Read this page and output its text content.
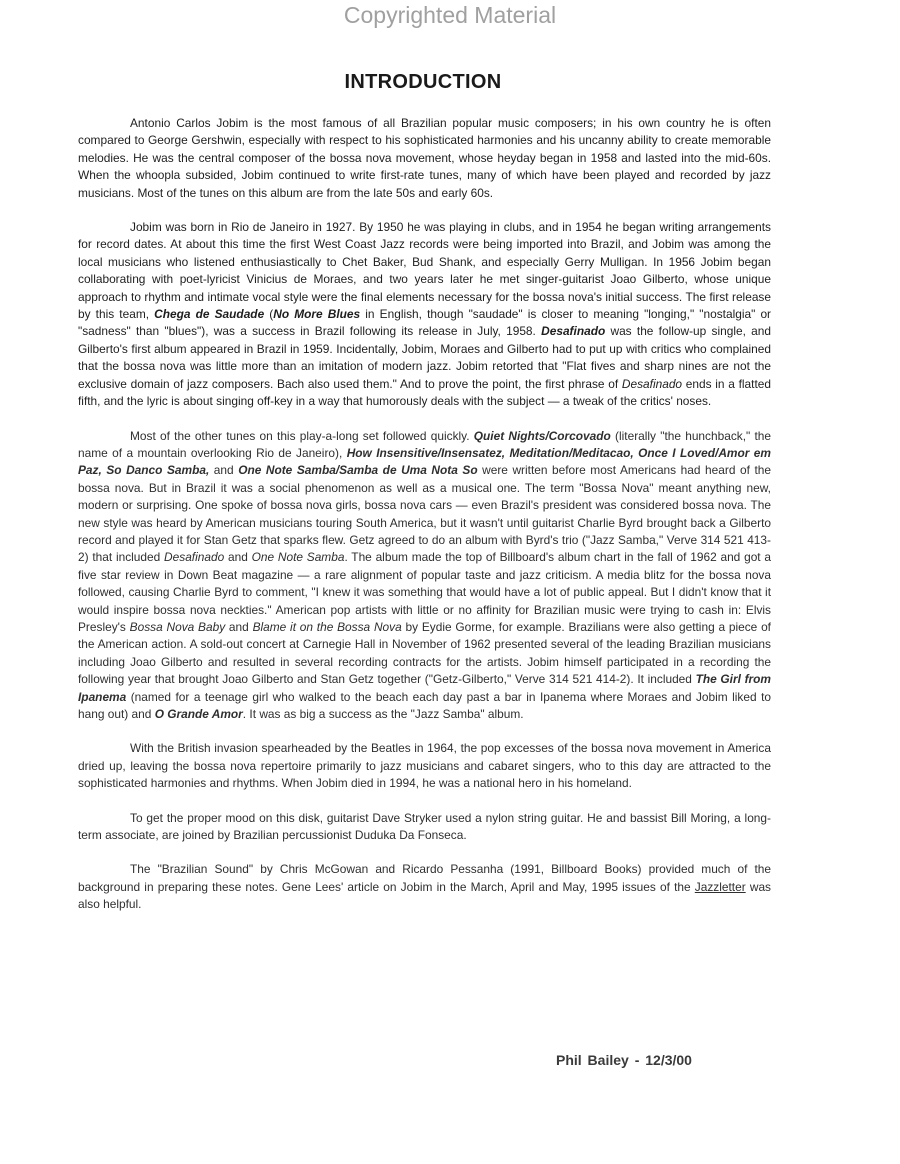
Copyrighted Material
INTRODUCTION

Antonio Carlos Jobim is the most famous of all Brazilian popular music composers; in his own country he is often compared to George Gershwin, especially with respect to his sophisticated harmonies and his uncanny ability to create memorable melodies. He was the central composer of the bossa nova movement, whose heyday began in 1958 and lasted into the mid-60s. When the whoopla subsided, Jobim continued to write first-rate tunes, many of which have been played and recorded by jazz musicians. Most of the tunes on this album are from the late 50s and early 60s.

Jobim was born in Rio de Janeiro in 1927. By 1950 he was playing in clubs, and in 1954 he began writing arrangements for record dates. At about this time the first West Coast Jazz records were being imported into Brazil, and Jobim was among the local musicians who listened enthusiastically to Chet Baker, Bud Shank, and especially Gerry Mulligan. In 1956 Jobim began collaborating with poet-lyricist Vinicius de Moraes, and two years later he met singer-guitarist Joao Gilberto, whose unique approach to rhythm and intimate vocal style were the final elements necessary for the bossa nova's initial success. The first release by this team, Chega de Saudade (No More Blues in English, though "saudade" is closer to meaning "longing," "nostalgia" or "sadness" than "blues"), was a success in Brazil following its release in July, 1958. Desafinado was the follow-up single, and Gilberto's first album appeared in Brazil in 1959. Incidentally, Jobim, Moraes and Gilberto had to put up with critics who complained that the bossa nova was little more than an imitation of modern jazz. Jobim retorted that "Flat fives and sharp nines are not the exclusive domain of jazz composers. Bach also used them." And to prove the point, the first phrase of Desafinado ends in a flatted fifth, and the lyric is about singing off-key in a way that humorously deals with the subject — a tweak of the critics' noses.

Most of the other tunes on this play-a-long set followed quickly. Quiet Nights/Corcovado (literally "the hunchback," the name of a mountain overlooking Rio de Janeiro), How Insensitive/Insensatez, Meditation/Meditacao, Once I Loved/Amor em Paz, So Danco Samba, and One Note Samba/Samba de Uma Nota So were written before most Americans had heard of the bossa nova. But in Brazil it was a social phenomenon as well as a musical one. The term "Bossa Nova" meant anything new, modern or surprising. One spoke of bossa nova girls, bossa nova cars — even Brazil's president was considered bossa nova. The new style was heard by American musicians touring South America, but it wasn't until guitarist Charlie Byrd brought back a Gilberto record and played it for Stan Getz that sparks flew. Getz agreed to do an album with Byrd's trio ("Jazz Samba," Verve 314 521 413-2) that included Desafinado and One Note Samba. The album made the top of Billboard's album chart in the fall of 1962 and got a five star review in Down Beat magazine — a rare alignment of popular taste and jazz criticism. A media blitz for the bossa nova followed, causing Charlie Byrd to comment, "I knew it was something that would have a lot of public appeal. But I didn't know that it would inspire bossa nova neckties." American pop artists with little or no affinity for Brazilian music were trying to cash in: Elvis Presley's Bossa Nova Baby and Blame it on the Bossa Nova by Eydie Gorme, for example. Brazilians were also getting a piece of the American action. A sold-out concert at Carnegie Hall in November of 1962 presented several of the leading Brazilian musicians including Joao Gilberto and resulted in several recording contracts for the artists. Jobim himself participated in a recording the following year that brought Joao Gilberto and Stan Getz together ("Getz-Gilberto," Verve 314 521 414-2). It included The Girl from Ipanema (named for a teenage girl who walked to the beach each day past a bar in Ipanema where Moraes and Jobim liked to hang out) and O Grande Amor. It was as big a success as the "Jazz Samba" album.

With the British invasion spearheaded by the Beatles in 1964, the pop excesses of the bossa nova movement in America dried up, leaving the bossa nova repertoire primarily to jazz musicians and cabaret singers, who to this day are attracted to the sophisticated harmonies and rhythms. When Jobim died in 1994, he was a national hero in his homeland.

To get the proper mood on this disk, guitarist Dave Stryker used a nylon string guitar. He and bassist Bill Moring, a long-term associate, are joined by Brazilian percussionist Duduka Da Fonseca.

The "Brazilian Sound" by Chris McGowan and Ricardo Pessanha (1991, Billboard Books) provided much of the background in preparing these notes. Gene Lees' article on Jobim in the March, April and May, 1995 issues of the Jazzletter was also helpful.

Phil Bailey - 12/3/00
